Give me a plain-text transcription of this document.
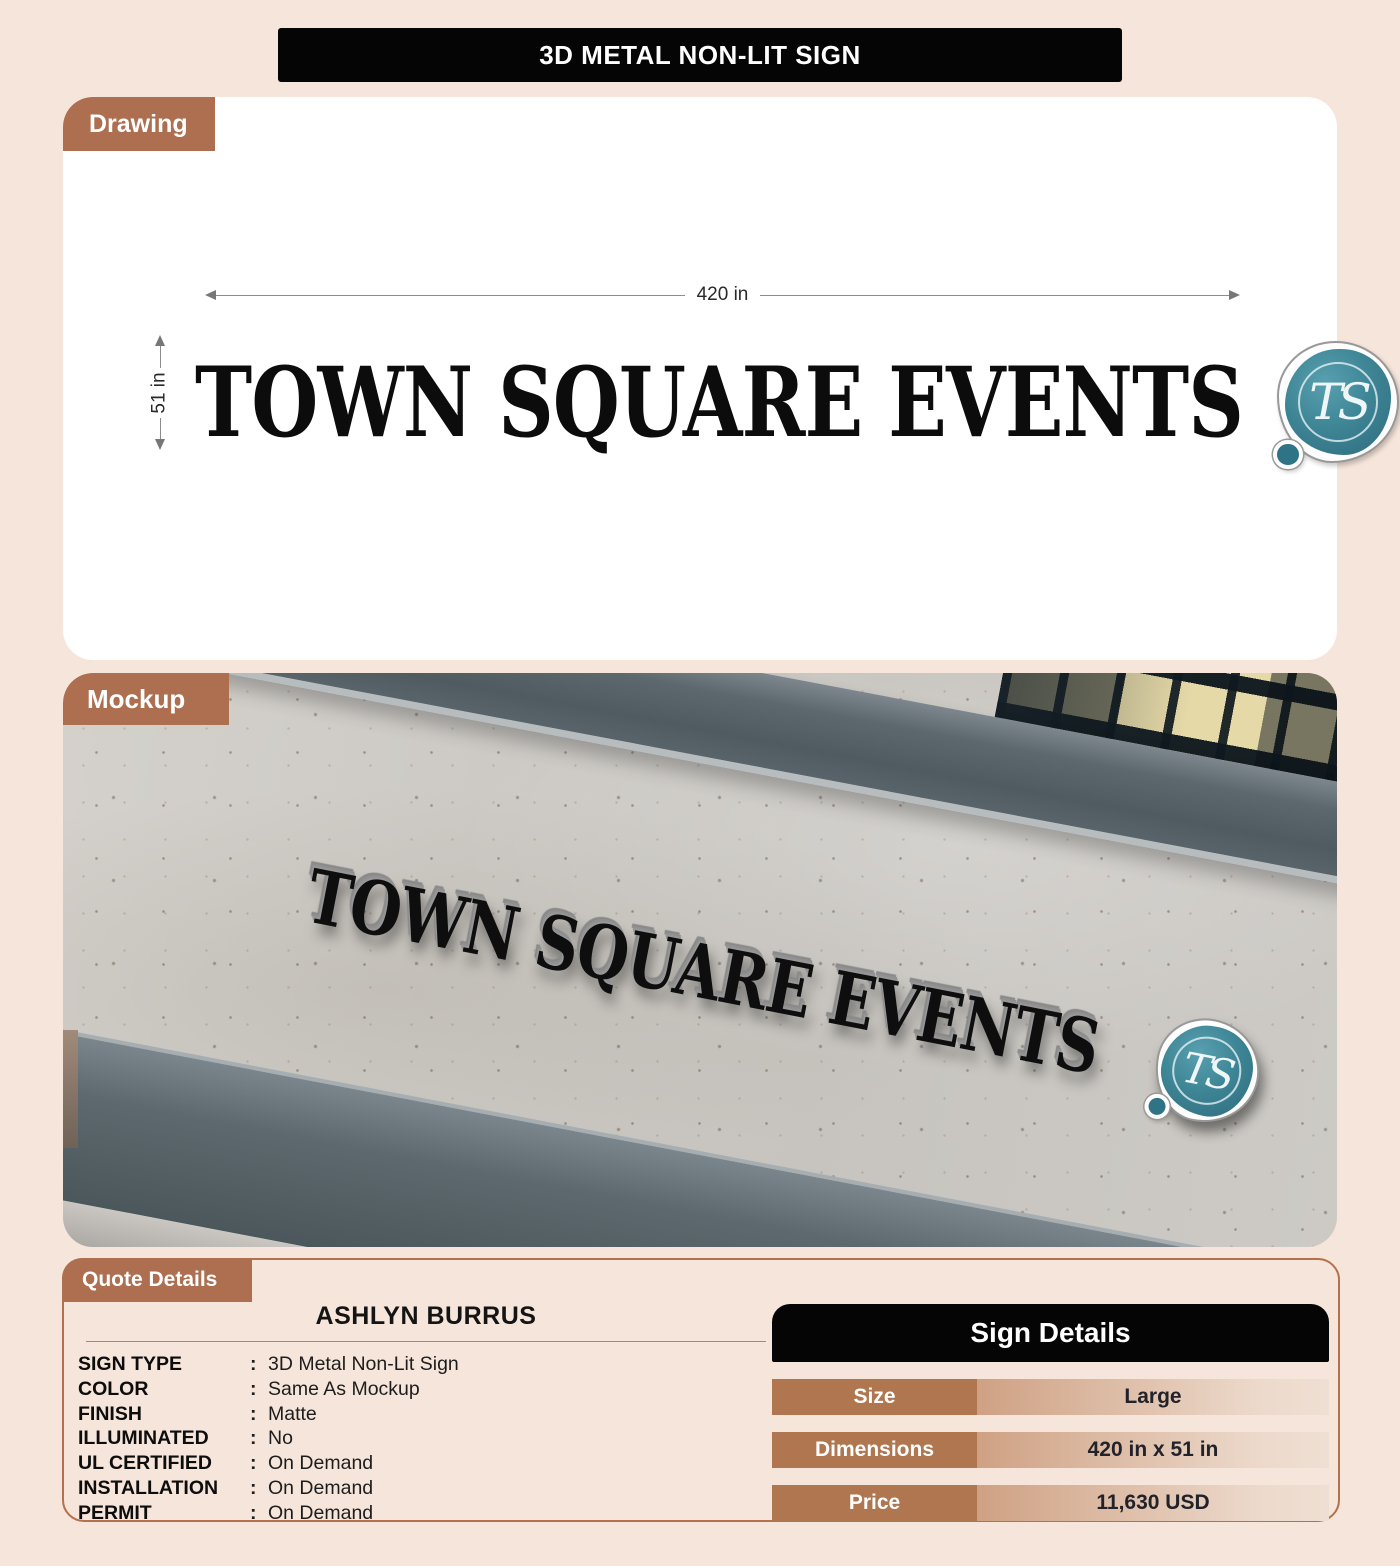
3D METAL NON-LIT SIGN
Drawing
420 in
51 in TOWN SQUARE EVENTS	TS
TOWN SQUARE EVENTS	TS
Mockup
Quote Details
ASHLYN BURRUS
SIGN TYPE	: 3D Metal Non-Lit Sign
COLOR	: Same As Mockup
FINISH	: Matte
ILLUMINATED	: No
UL CERTIFIED	: On Demand
INSTALLATION	: On Demand
PERMIT	: On Demand
Sign Details
Size	Large
Dimensions	420 in x 51 in
Price	11,630 USD
